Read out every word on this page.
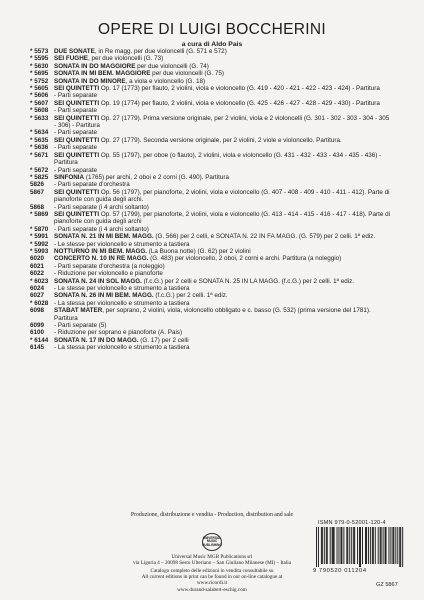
OPERE DI LUIGI BOCCHERINI
a cura di Aldo Pais
* 5573 DUE SONATE, in Re magg. per due violoncelli (G. 571 e 572)
* 5595 SEI FUGHE, per due violoncelli (G. 73)
* 5630 SONATA IN DO MAGGIORE per due violoncelli (G. 74)
* 5695 SONATA IN MI BEM. MAGGIORE per due violoncelli (G. 75)
* 5752 SONATA IN DO MINORE, a viola e violoncello (G. 18)
* 5605 SEI QUINTETTI Op. 17 (1773) per flauto, 2 violini, viola e violoncello (G. 419 - 420 - 421 - 422 - 423 - 424) - Partitura
* 5606 - Parti separate
* 5607 SEI QUINTETTI Op. 19 (1774) per flauto, 2 violini, viola e violoncello (G. 425 - 426 - 427 - 428 - 429 - 430) - Partitura
* 5608 - Parti separate
* 5633 SEI QUINTETTI Op. 27 (1779). Prima versione originale, per 2 violini, viola e 2 violoncelli (G. 301 - 302 - 303 - 304 - 305 - 306) - Partitura
* 5634 - Parti separate
* 5635 SEI QUINTETTI Op. 27 (1779). Seconda versione originale, per 2 violini, 2 viole e violoncello. Partitura.
* 5636 - Parti separate
* 5671 SEI QUINTETTI Op. 55 (1797), per oboe (o flauto), 2 violini, viola e violoncello (G. 431 - 432 - 433 - 434 - 435 - 436) - Partitura
* 5672 - Parti separate
* 5825 SINFONIA (1765) per archi, 2 oboi e 2 corni (G. 490). Partitura
5826	- Parti separate d'orchestra
5867	SEI QUINTETTI Op. 56 (1797), per pianoforte, 2 violini, viola e violoncello (G. 407 - 408 - 409 - 410 - 411 - 412). Parte di pianoforte con guida degli archi.
5868	- Parti separate (i 4 archi soltanto)
* 5869 SEI QUINTETTI Op. 57 (1799), per pianoforte, 2 violini, viola e violoncello (G. 413 - 414 - 415 - 416 - 417 - 418). Parte di pianoforte con guida degli archi
* 5870 - Parti separate (i 4 archi soltanto)
* 5991 SONATA N. 21 IN MI BEM. MAGG. (G. 566) per 2 celli, e SONATA N. 22 IN FA MAGG. (G. 579) per 2 celli. 1ª ediz.
* 5992 - Le stesse per violoncello e strumento a tastiera
* 5993 NOTTURNO IN MI BEM. MAGG. (La Buona notte) (G. 62) per 2 violini
6020	CONCERTO N. 10 IN RE MAGG. (G. 483) per violoncello, 2 oboi, 2 corni e archi. Partitura (a noleggio)
6021	- Parti separate d'orchestra (a noleggio)
6022	- Riduzione per violoncello e pianoforte
* 6023 SONATA N. 24 IN SOL MAGG. (f.c.G.) per 2 celli e SONATA N. 25 IN LA MAGG. (f.c.G.) per 2 celli. 1ª ediz.
6024	- Le stesse per violoncello e strumento a tastiera
6027	SONATA N. 26 IN MI BEM. MAGG. (f.c.G.) per 2 celli. 1ª ediz.
* 6028 - La stessa per violoncello e strumento a tastiera
6098	STABAT MATER, per soprano, 2 violini, viola, violoncello obbligato e c. basso (G. 532) (prima versione del 1781). Partitura
6099	- Parti separate (5)
6100	- Riduzione per soprano e pianoforte (A. Pais)
* 6144 SONATA N. 17 IN DO MAGG. (G. 17) per 2 celli
6145	- La stessa per violoncello e strumento a tastiera
Produzione, distribuzione e vendita - Production, distribution and sale
UNIVERSAL MUSIC PUBLISHING
Universal Music MGB Publications srl
via Liguria 4 – 20098 Sesto Ulteriano – San Giuliano Milanese (MI) – Italia
Catalogo completo delle edizioni in vendita consultabile su
All current editions in print can be found in our on-line catalogue at
www.ricordi.it
www.durand-salabert-eschig.com
ISMN 979-0-52001-120-4
9 790520 011204
GZ 5867
